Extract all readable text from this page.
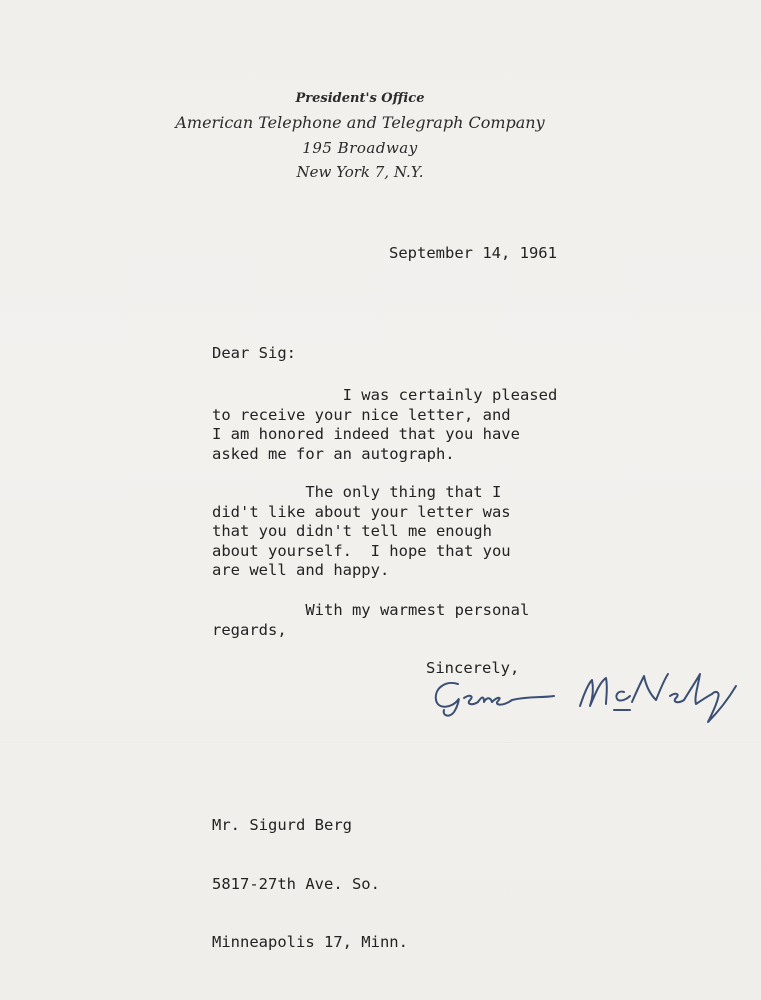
President's Office
American Telephone and Telegraph Company
195 Broadway
New York 7, N.Y.
September 14, 1961
Dear Sig:
I was certainly pleased
to receive your nice letter, and
I am honored indeed that you have
asked me for an autograph.
The only thing that I
did't like about your letter was
that you didn't tell me enough
about yourself.  I hope that you
are well and happy.
With my warmest personal
regards,
Sincerely,

Mr. Sigurd Berg

5817-27th Ave. So.

Minneapolis 17, Minn.
